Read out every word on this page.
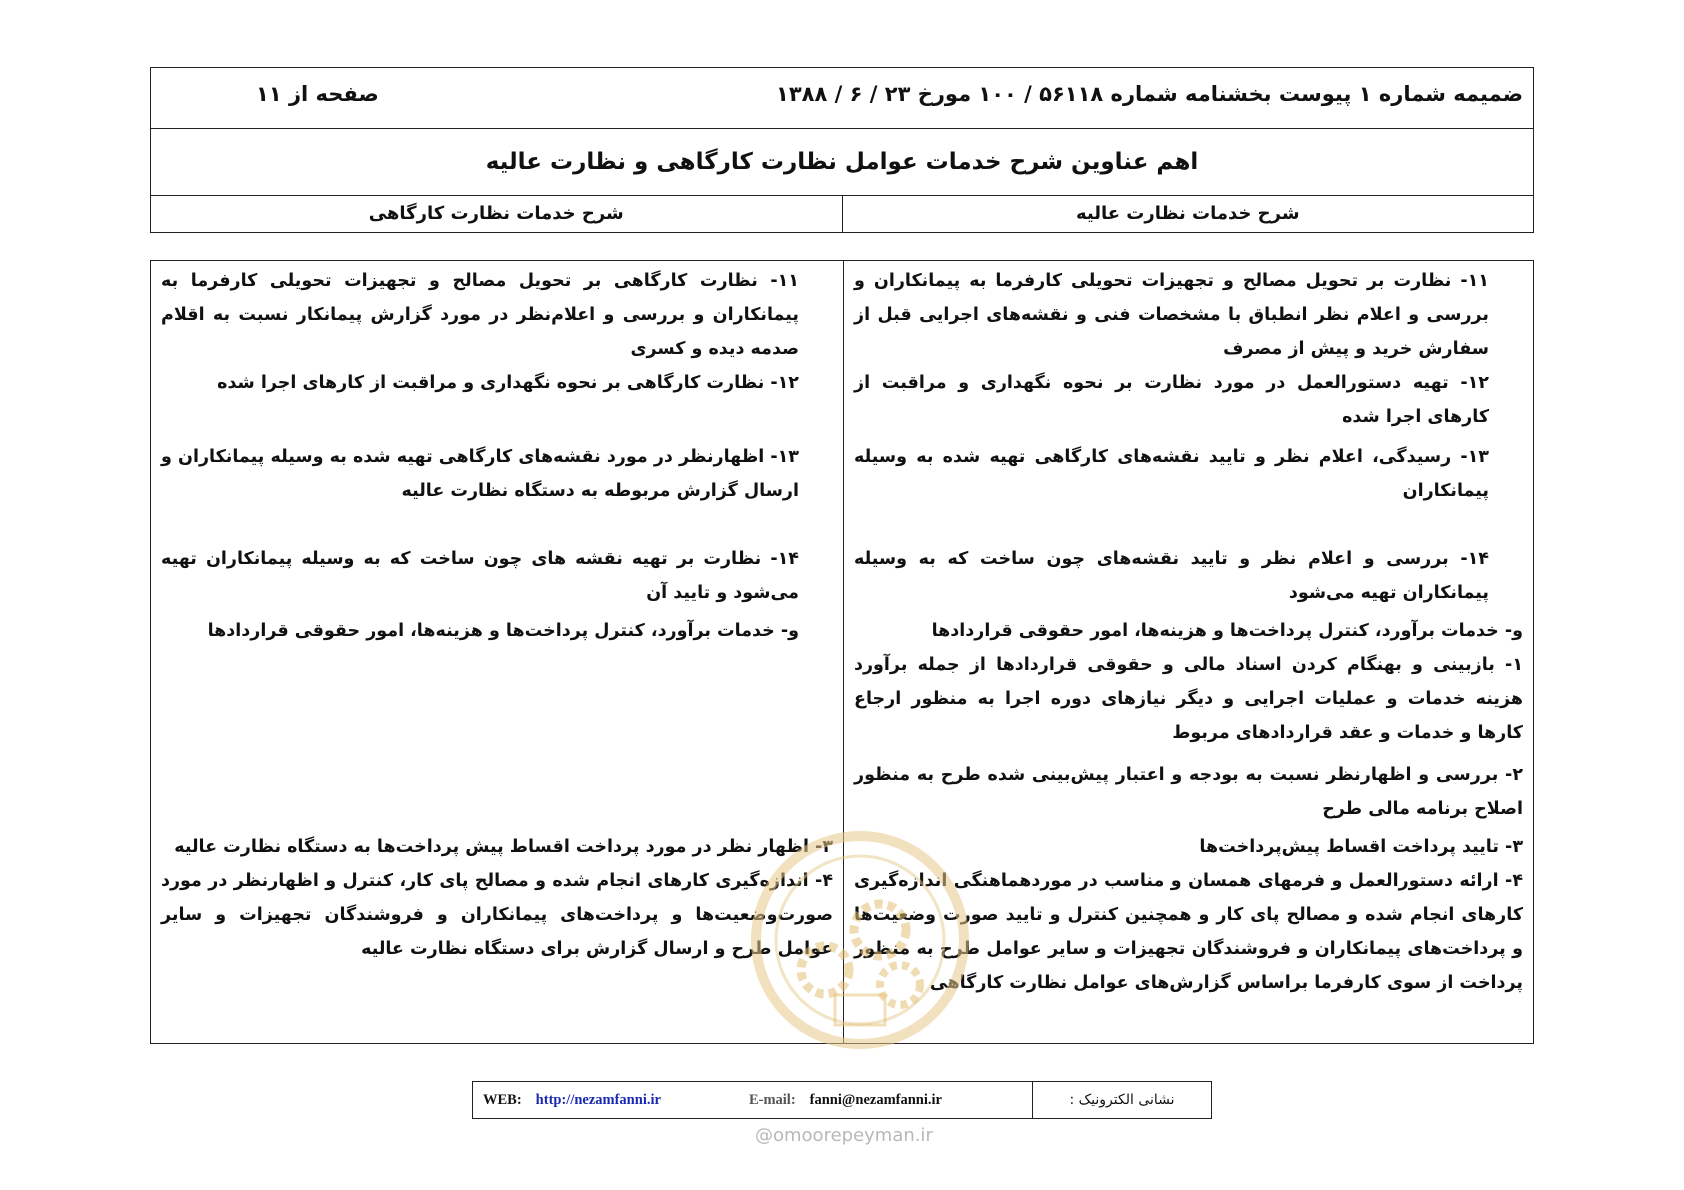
ضمیمه شماره ۱ پیوست بخشنامه شماره ۵۶۱۱۸ / ۱۰۰ مورخ ۲۳ / ۶ / ۱۳۸۸
صفحه از ۱۱
اهم عناوین شرح خدمات عوامل نظارت کارگاهی و نظارت عالیه
شرح خدمات نظارت عالیه
شرح خدمات نظارت کارگاهی
۱۱- نظارت بر تحویل مصالح و تجهیزات تحویلی کارفرما به پیمانکاران و بررسی و اعلام نظر انطباق با مشخصات فنی و نقشه‌های اجرایی قبل از سفارش خرید و پیش از مصرف
۱۲- تهیه دستورالعمل در مورد نظارت بر نحوه نگهداری و مراقبت از کارهای اجرا شده
۱۳- رسیدگی، اعلام نظر و تایید نقشه‌های کارگاهی تهیه شده به وسیله پیمانکاران
۱۴- بررسی و اعلام نظر و تایید نقشه‌های چون ساخت که به وسیله پیمانکاران تهیه می‌شود
و- خدمات برآورد، کنترل پرداخت‌ها و هزینه‌ها، امور حقوقی قراردادها
۱- بازبینی و بهنگام کردن اسناد مالی و حقوقی قراردادها از جمله برآورد هزینه خدمات و عملیات اجرایی و دیگر نیازهای دوره اجرا به منظور ارجاع کارها و خدمات و عقد قراردادهای مربوط
۲- بررسی و اظهارنظر نسبت به بودجه و اعتبار پیش‌بینی شده طرح به منظور اصلاح برنامه مالی طرح
۳- تایید پرداخت اقساط پیش‌پرداخت‌ها
۴- ارائه دستورالعمل و فرمهای همسان و مناسب در موردهماهنگی اندازه‌گیری کارهای انجام شده و مصالح پای کار و همچنین کنترل و تایید صورت وضعیت‌ها و پرداخت‌های پیمانکاران و فروشندگان تجهیزات و سایر عوامل طرح به منظور پرداخت از سوی کارفرما براساس گزارش‌های عوامل نظارت کارگاهی
۱۱- نظارت کارگاهی بر تحویل مصالح و تجهیزات تحویلی کارفرما به پیمانکاران و بررسی و اعلام‌نظر در مورد گزارش پیمانکار نسبت به اقلام صدمه دیده و کسری
۱۲- نظارت کارگاهی بر نحوه نگهداری و مراقبت از کارهای اجرا شده
۱۳- اظهارنظر در مورد نقشه‌های کارگاهی تهیه شده به وسیله پیمانکاران و ارسال گزارش مربوطه به دستگاه نظارت عالیه
۱۴- نظارت بر تهیه نقشه های چون ساخت که به وسیله پیمانکاران تهیه می‌شود و تایید آن
و- خدمات برآورد، کنترل پرداخت‌ها و هزینه‌ها، امور حقوقی قراردادها
۳- اظهار نظر در مورد پرداخت اقساط پیش پرداخت‌ها به دستگاه نظارت عالیه
۴- اندازه‌گیری کارهای انجام شده و مصالح پای کار، کنترل و اظهارنظر در مورد صورت‌وضعیت‌ها و پرداخت‌های پیمانکاران و فروشندگان تجهیزات و سایر عوامل طرح و ارسال گزارش برای دستگاه نظارت عالیه
WEB: http://nezamfanni.ir	E-mail: fanni@nezamfanni.ir	نشانی الکترونیک :
@omoorepeyman.ir
